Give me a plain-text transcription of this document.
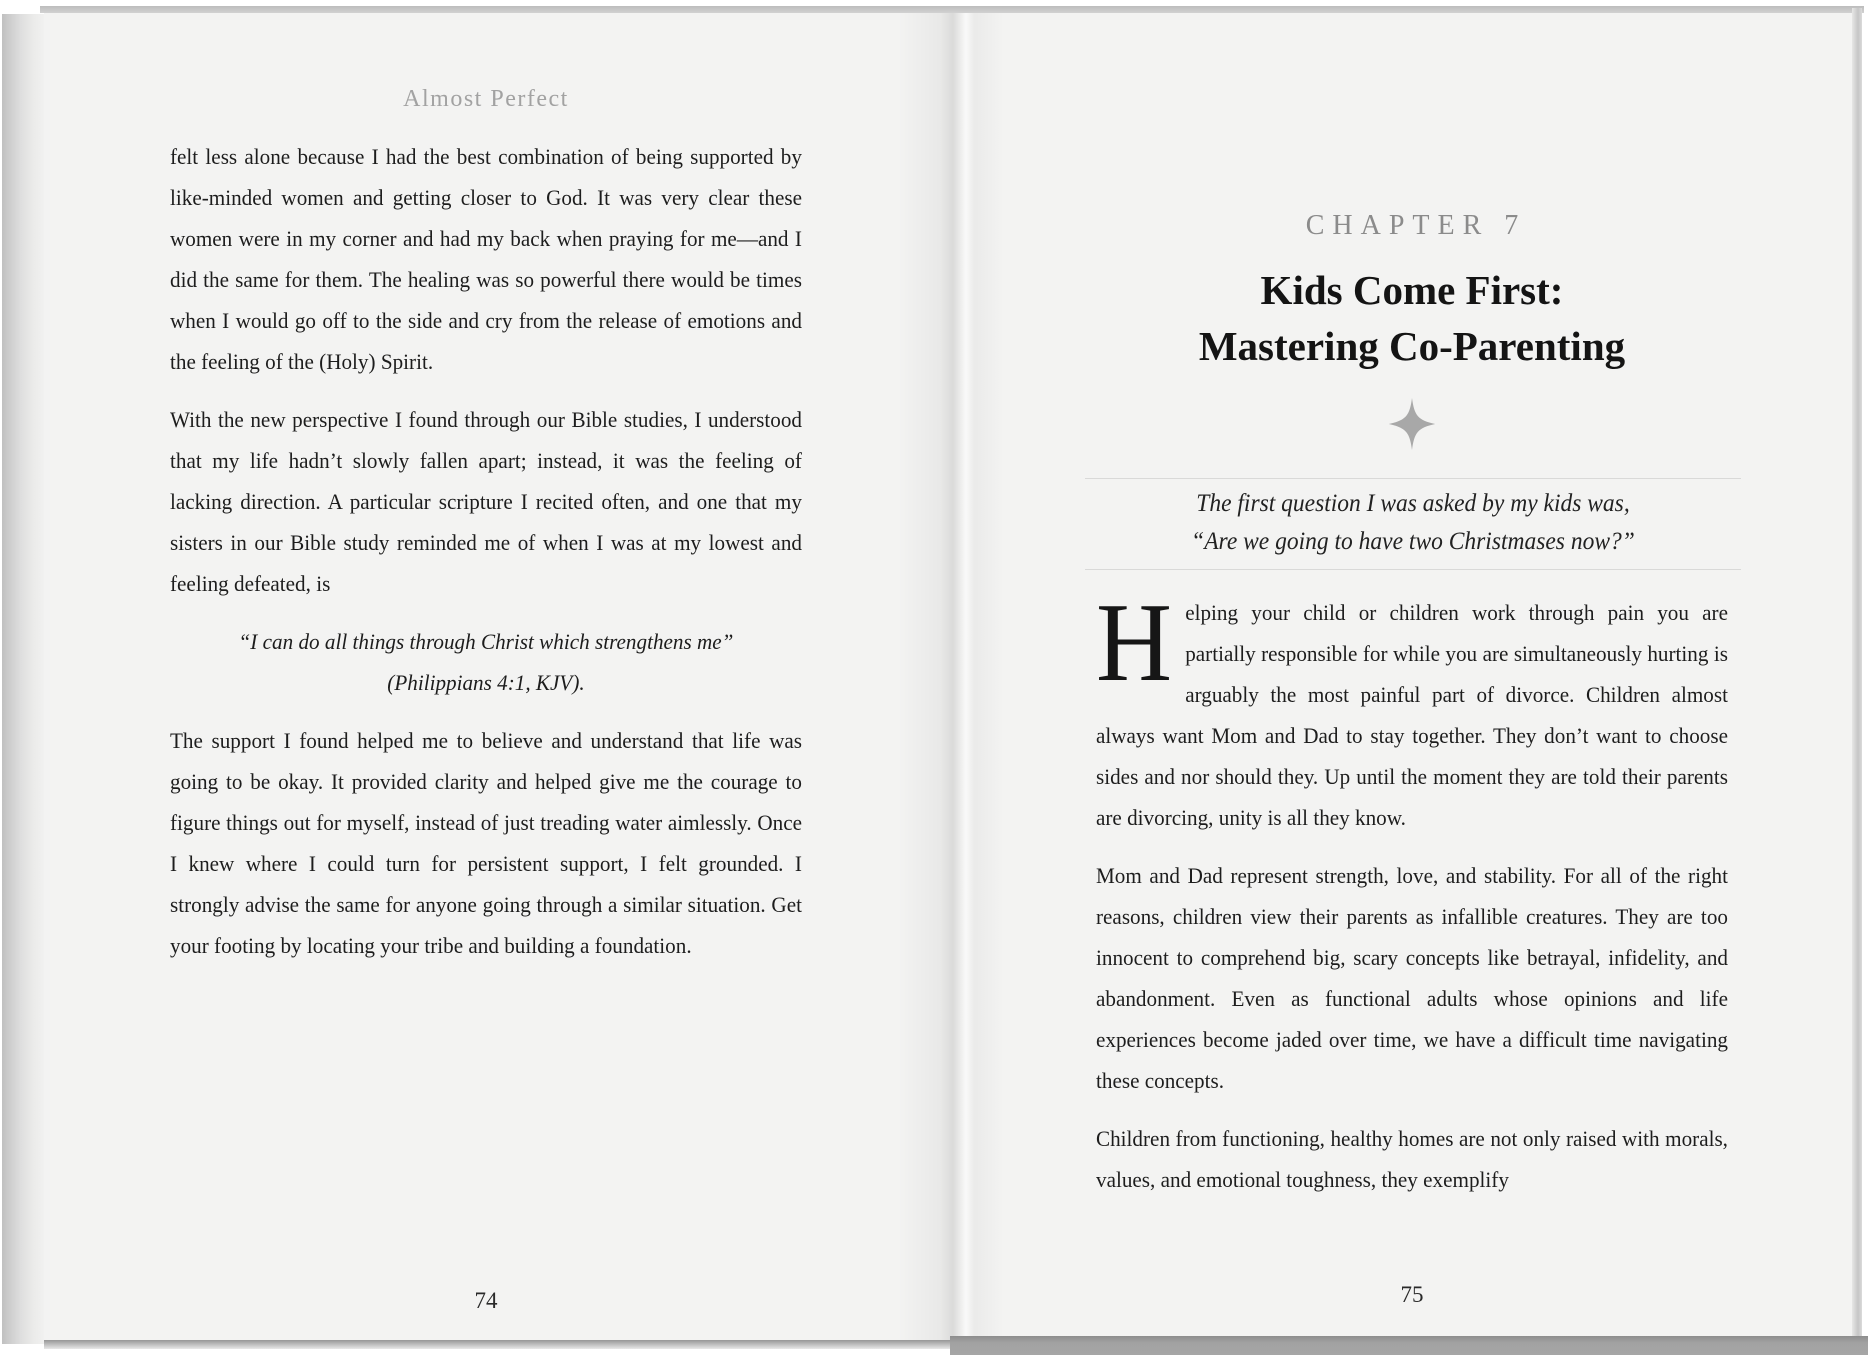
Almost Perfect

felt less alone because I had the best combination of being supported by like-minded women and getting closer to God. It was very clear these women were in my corner and had my back when praying for me—and I did the same for them. The healing was so powerful there would be times when I would go off to the side and cry from the release of emotions and the feeling of the (Holy) Spirit.

With the new perspective I found through our Bible studies, I understood that my life hadn’t slowly fallen apart; instead, it was the feeling of lacking direction. A particular scripture I recited often, and one that my sisters in our Bible study reminded me of when I was at my lowest and feeling defeated, is

“I can do all things through Christ which strengthens me”

(Philippians 4:1, KJV).

The support I found helped me to believe and understand that life was going to be okay. It provided clarity and helped give me the courage to figure things out for myself, instead of just treading water aimlessly. Once I knew where I could turn for persistent support, I felt grounded. I strongly advise the same for anyone going through a similar situation. Get your footing by locating your tribe and building a foundation.

74
CHAPTER 7
Kids Come First:
Mastering Co-Parenting
The first question I was asked by my kids was,
“Are we going to have two Christmases now?”

Helping your child or children work through pain you are partially responsible for while you are simultaneously hurting is arguably the most painful part of divorce. Children almost always want Mom and Dad to stay together. They don’t want to choose sides and nor should they. Up until the moment they are told their parents are divorcing, unity is all they know.

Mom and Dad represent strength, love, and stability. For all of the right reasons, children view their parents as infallible creatures. They are too innocent to comprehend big, scary concepts like betrayal, infidelity, and abandonment. Even as functional adults whose opinions and life experiences become jaded over time, we have a difficult time navigating these concepts.

Children from functioning, healthy homes are not only raised with morals, values, and emotional toughness, they exemplify

75
